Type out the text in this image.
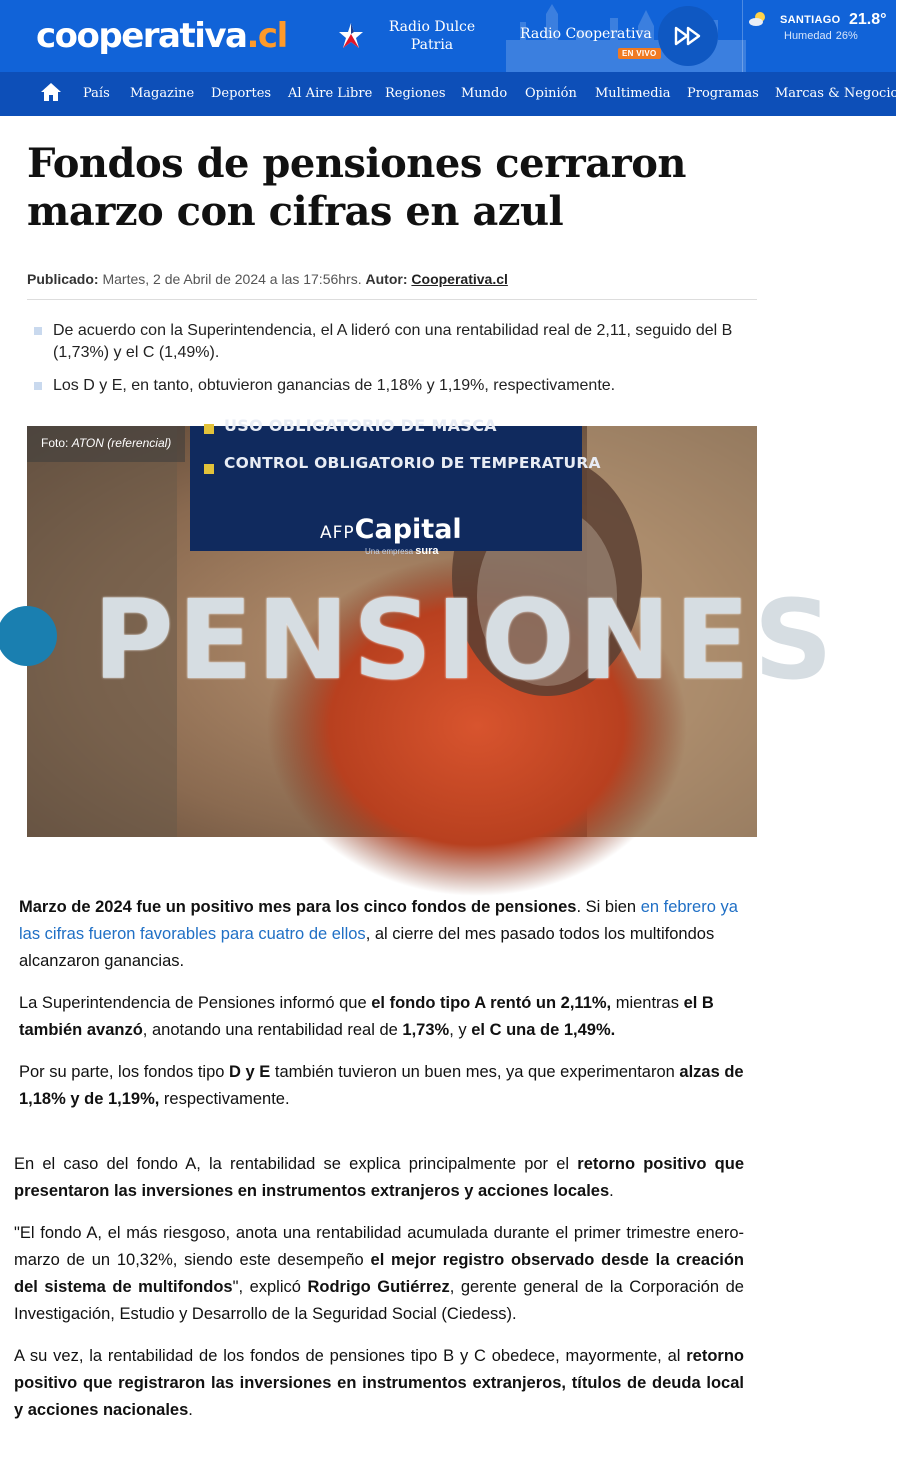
cooperativa.cl	Radio Dulce Patria
Radio Cooperativa
EN VIVO
SANTIAGO 21.8°
Humedad 26%
País Magazine Deportes Al Aire Libre Regiones Mundo Opinión Multimedia Programas Marcas & Negocios
Fondos de pensiones cerraron marzo con cifras en azul
Publicado: Martes, 2 de Abril de 2024 a las 17:56hrs. Autor: Cooperativa.cl
De acuerdo con la Superintendencia, el A lideró con una rentabilidad real de 2,11, seguido del B (1,73%) y el C (1,49%).
Los D y E, en tanto, obtuvieron ganancias de 1,18% y 1,19%, respectivamente.
USO OBLIGATORIO DE MASCA
CONTROL OBLIGATORIO DE TEMPERATURA
AFPCapital
Una empresa sura
PENSIONES
Foto: ATON (referencial)

Marzo de 2024 fue un positivo mes para los cinco fondos de pensiones. Si bien en febrero ya las cifras fueron favorables para cuatro de ellos, al cierre del mes pasado todos los multifondos alcanzaron ganancias.

La Superintendencia de Pensiones informó que el fondo tipo A rentó un 2,11%, mientras el B también avanzó, anotando una rentabilidad real de 1,73%, y el C una de 1,49%.

Por su parte, los fondos tipo D y E también tuvieron un buen mes, ya que experimentaron alzas de 1,18% y de 1,19%, respectivamente.

En el caso del fondo A, la rentabilidad se explica principalmente por el retorno positivo que presentaron las inversiones en instrumentos extranjeros y acciones locales.

"El fondo A, el más riesgoso, anota una rentabilidad acumulada durante el primer trimestre enero-marzo de un 10,32%, siendo este desempeño el mejor registro observado desde la creación del sistema de multifondos", explicó Rodrigo Gutiérrez, gerente general de la Corporación de Investigación, Estudio y Desarrollo de la Seguridad Social (Ciedess).

A su vez, la rentabilidad de los fondos de pensiones tipo B y C obedece, mayormente, al retorno positivo que registraron las inversiones en instrumentos extranjeros, títulos de deuda local y acciones nacionales.
